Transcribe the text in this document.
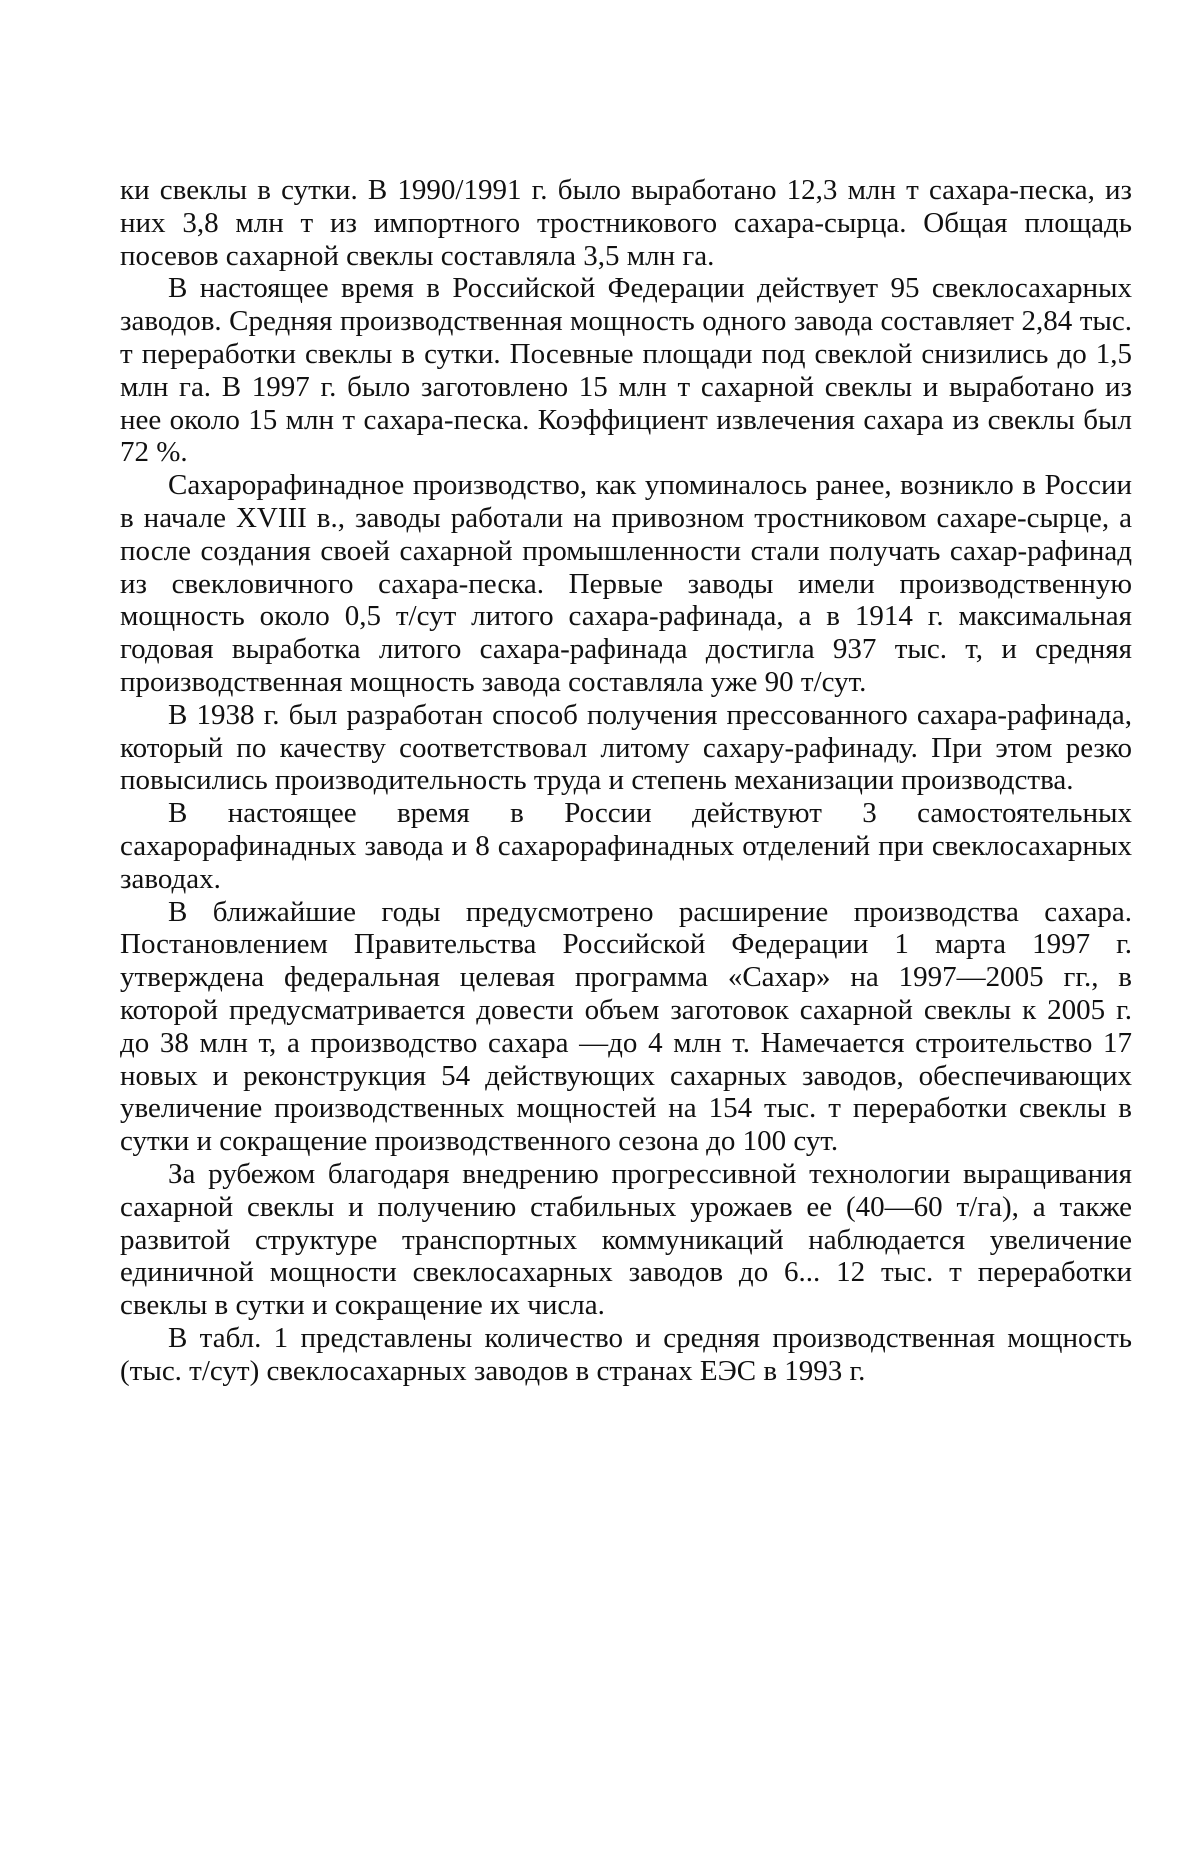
ки свеклы в сутки. В 1990/1991 г. было выработано 12,3 млн т сахара-песка, из них 3,8 млн т из импортного тростникового сахара-сырца. Общая площадь посевов сахарной свеклы составляла 3,5 млн га.

В настоящее время в Российской Федерации действует 95 свеклосахарных заводов. Средняя производственная мощность одного завода составляет 2,84 тыс. т переработки свеклы в сутки. Посевные площади под свеклой снизились до 1,5 млн га. В 1997 г. было заготовлено 15 млн т сахарной свеклы и выработано из нее около 15 млн т сахара-песка. Коэффициент извлечения сахара из свеклы был 72 %.

Сахарорафинадное производство, как упоминалось ранее, возникло в России в начале XVIII в., заводы работали на привозном тростниковом сахаре-сырце, а после создания своей сахарной промышленности стали получать сахар-рафинад из свекловичного сахара-песка. Первые заводы имели производственную мощность около 0,5 т/сут литого сахара-рафинада, а в 1914 г. максимальная годовая выработка литого сахара-рафинада достигла 937 тыс. т, и средняя производственная мощность завода составляла уже 90 т/сут.

В 1938 г. был разработан способ получения прессованного сахара-рафинада, который по качеству соответствовал литому сахару-рафинаду. При этом резко повысились производительность труда и степень механизации производства.

В настоящее время в России действуют 3 самостоятельных сахарорафинадных завода и 8 сахарорафинадных отделений при свеклосахарных заводах.

В ближайшие годы предусмотрено расширение производства сахара. Постановлением Правительства Российской Федерации 1 марта 1997 г. утверждена федеральная целевая программа «Сахар» на 1997—2005 гг., в которой предусматривается довести объем заготовок сахарной свеклы к 2005 г. до 38 млн т, а производство сахара —до 4 млн т. Намечается строительство 17 новых и реконструкция 54 действующих сахарных заводов, обеспечивающих увеличение производственных мощностей на 154 тыс. т переработки свеклы в сутки и сокращение производственного сезона до 100 сут.

За рубежом благодаря внедрению прогрессивной технологии выращивания сахарной свеклы и получению стабильных урожаев ее (40—60 т/га), а также развитой структуре транспортных коммуникаций наблюдается увеличение единичной мощности свеклосахарных заводов до 6... 12 тыс. т переработки свеклы в сутки и сокращение их числа.

В табл. 1 представлены количество и средняя производственная мощность (тыс. т/сут) свеклосахарных заводов в странах ЕЭС в 1993 г.
